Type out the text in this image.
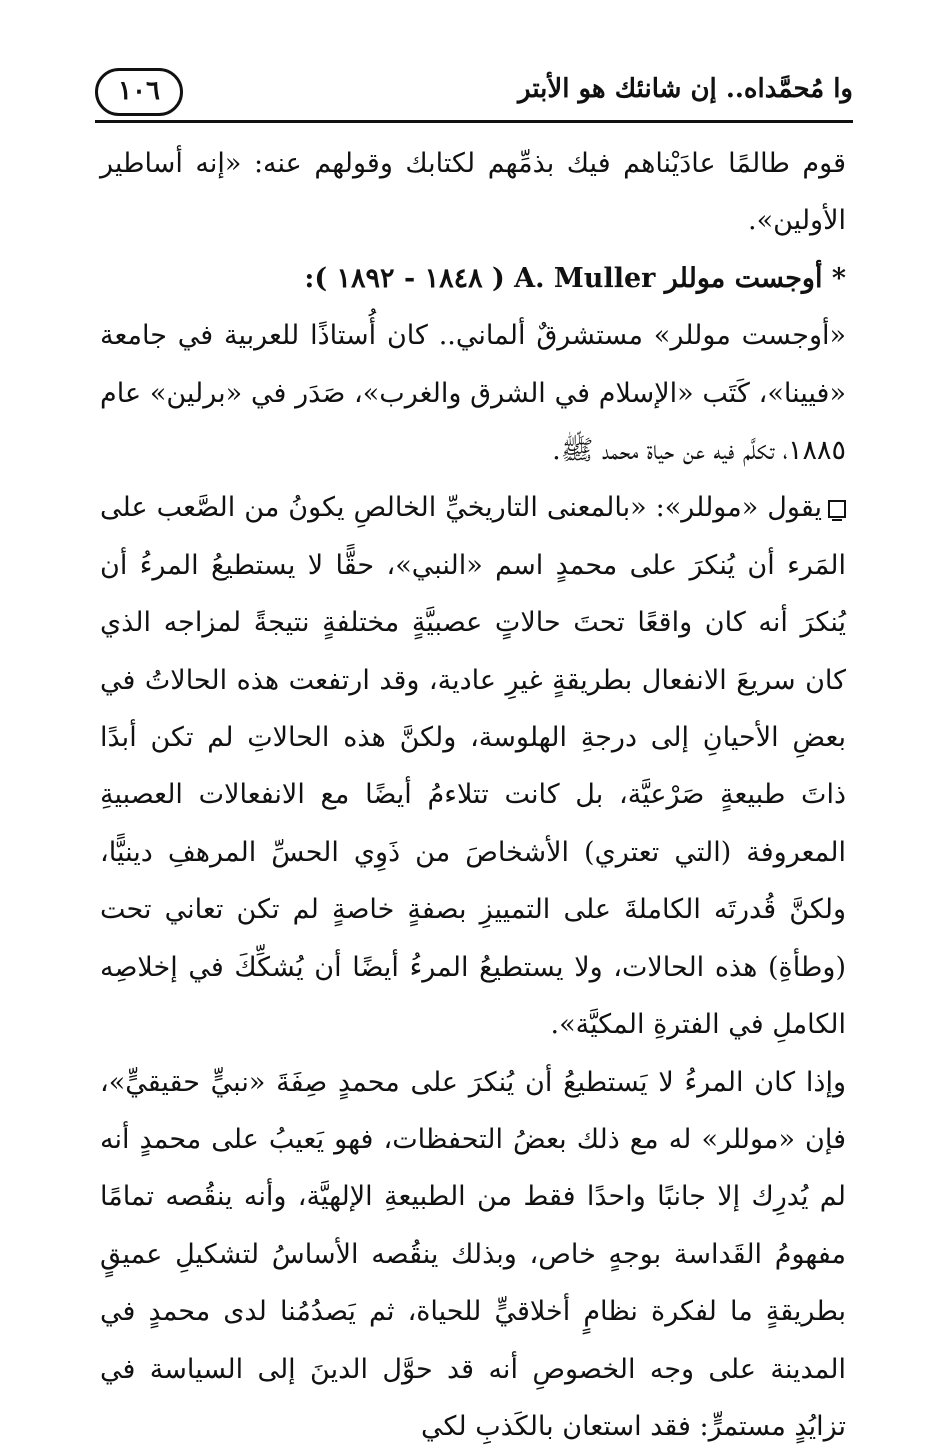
١٠٦	وا مُحمَّداه.. إن شانئك هو الأبتر

قوم طالمًا عادَيْناهم فيك بذمِّهم لكتابك وقولهم عنه: «إنه أساطير الأولين».

* أوجست موللر A. Muller ( ١٨٤٨ - ١٨٩٢ ):

«أوجست موللر» مستشرقٌ ألماني.. كان أُستاذًا للعربية في جامعة «فيينا»، كَتَب «الإسلام في الشرق والغرب»، صَدَر في «برلين» عام ١٨٨٥، تكلَّم فيه عن حياة محمد ﷺ.

يقول «موللر»: «بالمعنى التاريخيِّ الخالصِ يكونُ من الصَّعب على المَرء أن يُنكرَ على محمدٍ اسم «النبي»، حقًّا لا يستطيعُ المرءُ أن يُنكرَ أنه كان واقعًا تحتَ حالاتٍ عصبيَّةٍ مختلفةٍ نتيجةً لمزاجه الذي كان سريعَ الانفعال بطريقةٍ غيرِ عادية، وقد ارتفعت هذه الحالاتُ في بعضِ الأحيانِ إلى درجةِ الهلوسة، ولكنَّ هذه الحالاتِ لم تكن أبدًا ذاتَ طبيعةٍ صَرْعيَّة، بل كانت تتلاءمُ أيضًا مع الانفعالات العصبيةِ المعروفة (التي تعتري) الأشخاصَ من ذَوِي الحسِّ المرهفِ دينيًّا، ولكنَّ قُدرتَه الكاملةَ على التمييزِ بصفةٍ خاصةٍ لم تكن تعاني تحت (وطأةِ) هذه الحالات، ولا يستطيعُ المرءُ أيضًا أن يُشكِّكَ في إخلاصِه الكاملِ في الفترةِ المكيَّة».

وإذا كان المرءُ لا يَستطيعُ أن يُنكرَ على محمدٍ صِفَةَ «نبيٍّ حقيقيٍّ»، فإن «موللر» له مع ذلك بعضُ التحفظات، فهو يَعيبُ على محمدٍ أنه لم يُدرِك إلا جانبًا واحدًا فقط من الطبيعةِ الإلهيَّة، وأنه ينقُصه تمامًا مفهومُ القَداسة بوجهٍ خاص، وبذلك ينقُصه الأساسُ لتشكيلِ عميقٍ بطريقةٍ ما لفكرة نظامٍ أخلاقيٍّ للحياة، ثم يَصدُمُنا لدى محمدٍ في المدينة على وجه الخصوصِ أنه قد حوَّل الدينَ إلى السياسة في تزايُدٍ مستمرٍّ: فقد استعان بالكَذبِ لكي
